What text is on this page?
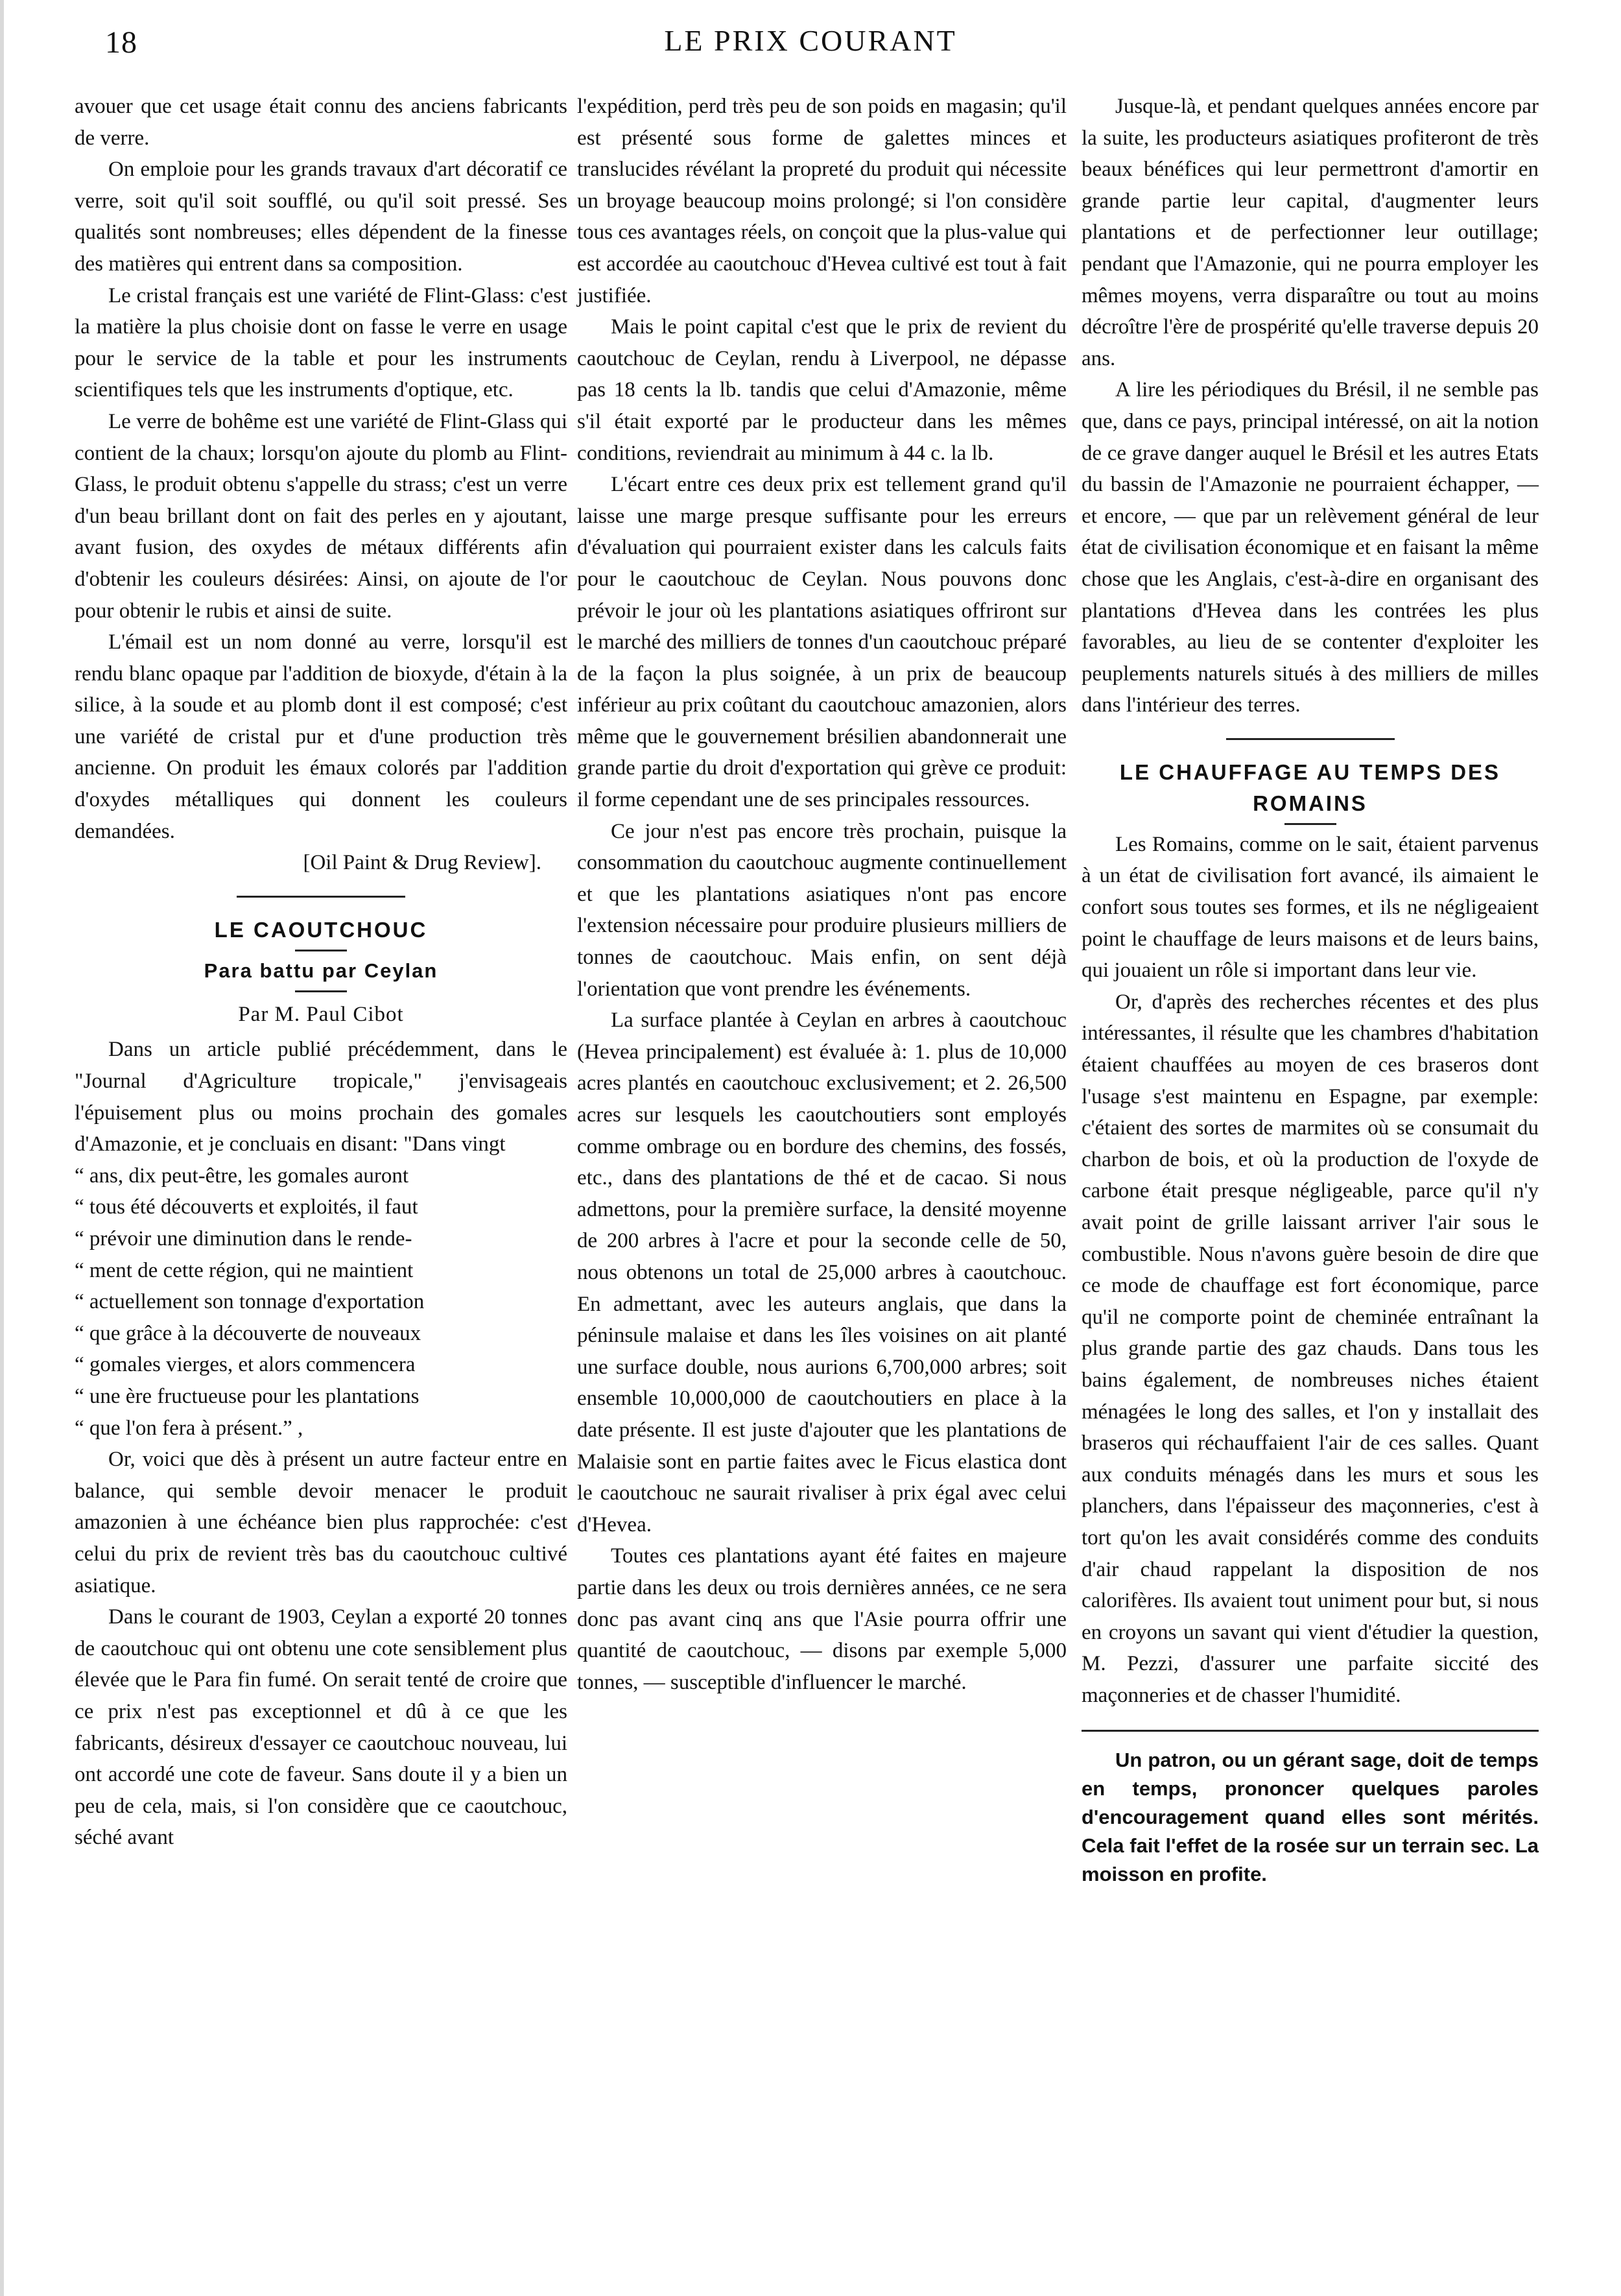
18	LE PRIX COURANT

avouer que cet usage était connu des anciens fabricants de verre.

On emploie pour les grands travaux d'art décoratif ce verre, soit qu'il soit soufflé, ou qu'il soit pressé. Ses qualités sont nombreuses; elles dépendent de la finesse des matières qui entrent dans sa composition.

Le cristal français est une variété de Flint-Glass: c'est la matière la plus choisie dont on fasse le verre en usage pour le service de la table et pour les instruments scientifiques tels que les instruments d'optique, etc.

Le verre de bohême est une variété de Flint-Glass qui contient de la chaux; lorsqu'on ajoute du plomb au Flint-Glass, le produit obtenu s'appelle du strass; c'est un verre d'un beau brillant dont on fait des perles en y ajoutant, avant fusion, des oxydes de métaux différents afin d'obtenir les couleurs désirées: Ainsi, on ajoute de l'or pour obtenir le rubis et ainsi de suite.

L'émail est un nom donné au verre, lorsqu'il est rendu blanc opaque par l'addition de bioxyde, d'étain à la silice, à la soude et au plomb dont il est composé; c'est une variété de cristal pur et d'une production très ancienne. On produit les émaux colorés par l'addition d'oxydes métalliques qui donnent les couleurs demandées.

[Oil Paint & Drug Review].

LE CAOUTCHOUC
Para battu par Ceylan
Par M. Paul Cibot

Dans un article publié précédemment, dans le "Journal d'Agriculture tropicale," j'envisageais l'épuisement plus ou moins prochain des gomales d'Amazonie, et je concluais en disant: "Dans vingt

“ ans, dix peut-être, les gomales auront

“ tous été découverts et exploités, il faut

“ prévoir une diminution dans le rende-

“ ment de cette région, qui ne maintient

“ actuellement son tonnage d'exportation

“ que grâce à la découverte de nouveaux

“ gomales vierges, et alors commencera

“ une ère fructueuse pour les plantations

“ que l'on fera à présent.” ,

Or, voici que dès à présent un autre facteur entre en balance, qui semble devoir menacer le produit amazonien à une échéance bien plus rapprochée: c'est celui du prix de revient très bas du caoutchouc cultivé asiatique.

Dans le courant de 1903, Ceylan a exporté 20 tonnes de caoutchouc qui ont obtenu une cote sensiblement plus élevée que le Para fin fumé. On serait tenté de croire que ce prix n'est pas exceptionnel et dû à ce que les fabricants, désireux d'essayer ce caoutchouc nouveau, lui ont accordé une cote de faveur. Sans doute il y a bien un peu de cela, mais, si l'on considère que ce caoutchouc, séché avant

l'expédition, perd très peu de son poids en magasin; qu'il est présenté sous forme de galettes minces et translucides révélant la propreté du produit qui nécessite un broyage beaucoup moins prolongé; si l'on considère tous ces avantages réels, on conçoit que la plus-value qui est accordée au caoutchouc d'Hevea cultivé est tout à fait justifiée.

Mais le point capital c'est que le prix de revient du caoutchouc de Ceylan, rendu à Liverpool, ne dépasse pas 18 cents la lb. tandis que celui d'Amazonie, même s'il était exporté par le producteur dans les mêmes conditions, reviendrait au minimum à 44 c. la lb.

L'écart entre ces deux prix est tellement grand qu'il laisse une marge presque suffisante pour les erreurs d'évaluation qui pourraient exister dans les calculs faits pour le caoutchouc de Ceylan. Nous pouvons donc prévoir le jour où les plantations asiatiques offriront sur le marché des milliers de tonnes d'un caoutchouc préparé de la façon la plus soignée, à un prix de beaucoup inférieur au prix coûtant du caoutchouc amazonien, alors même que le gouvernement brésilien abandonnerait une grande partie du droit d'exportation qui grève ce produit: il forme cependant une de ses principales ressources.

Ce jour n'est pas encore très prochain, puisque la consommation du caoutchouc augmente continuellement et que les plantations asiatiques n'ont pas encore l'extension nécessaire pour produire plusieurs milliers de tonnes de caoutchouc. Mais enfin, on sent déjà l'orientation que vont prendre les événements.

La surface plantée à Ceylan en arbres à caoutchouc (Hevea principalement) est évaluée à: 1. plus de 10,000 acres plantés en caoutchouc exclusivement; et 2. 26,500 acres sur lesquels les caoutchoutiers sont employés comme ombrage ou en bordure des chemins, des fossés, etc., dans des plantations de thé et de cacao. Si nous admettons, pour la première surface, la densité moyenne de 200 arbres à l'acre et pour la seconde celle de 50, nous obtenons un total de 25,000 arbres à caoutchouc. En admettant, avec les auteurs anglais, que dans la péninsule malaise et dans les îles voisines on ait planté une surface double, nous aurions 6,700,000 arbres; soit ensemble 10,000,000 de caoutchoutiers en place à la date présente. Il est juste d'ajouter que les plantations de Malaisie sont en partie faites avec le Ficus elastica dont le caoutchouc ne saurait rivaliser à prix égal avec celui d'Hevea.

Toutes ces plantations ayant été faites en majeure partie dans les deux ou trois dernières années, ce ne sera donc pas avant cinq ans que l'Asie pourra offrir une quantité de caoutchouc, — disons par exemple 5,000 tonnes, — susceptible d'influencer le marché.

Jusque-là, et pendant quelques années encore par la suite, les producteurs asiatiques profiteront de très beaux bénéfices qui leur permettront d'amortir en grande partie leur capital, d'augmenter leurs plantations et de perfectionner leur outillage; pendant que l'Amazonie, qui ne pourra employer les mêmes moyens, verra disparaître ou tout au moins décroître l'ère de prospérité qu'elle traverse depuis 20 ans.

A lire les périodiques du Brésil, il ne semble pas que, dans ce pays, principal intéressé, on ait la notion de ce grave danger auquel le Brésil et les autres Etats du bassin de l'Amazonie ne pourraient échapper, — et encore, — que par un relèvement général de leur état de civilisation économique et en faisant la même chose que les Anglais, c'est-à-dire en organisant des plantations d'Hevea dans les contrées les plus favorables, au lieu de se contenter d'exploiter les peuplements naturels situés à des milliers de milles dans l'intérieur des terres.

LE CHAUFFAGE AU TEMPS DES ROMAINS

Les Romains, comme on le sait, étaient parvenus à un état de civilisation fort avancé, ils aimaient le confort sous toutes ses formes, et ils ne négligeaient point le chauffage de leurs maisons et de leurs bains, qui jouaient un rôle si important dans leur vie.

Or, d'après des recherches récentes et des plus intéressantes, il résulte que les chambres d'habitation étaient chauffées au moyen de ces braseros dont l'usage s'est maintenu en Espagne, par exemple: c'étaient des sortes de marmites où se consumait du charbon de bois, et où la production de l'oxyde de carbone était presque négligeable, parce qu'il n'y avait point de grille laissant arriver l'air sous le combustible. Nous n'avons guère besoin de dire que ce mode de chauffage est fort économique, parce qu'il ne comporte point de cheminée entraînant la plus grande partie des gaz chauds. Dans tous les bains également, de nombreuses niches étaient ménagées le long des salles, et l'on y installait des braseros qui réchauffaient l'air de ces salles. Quant aux conduits ménagés dans les murs et sous les planchers, dans l'épaisseur des maçonneries, c'est à tort qu'on les avait considérés comme des conduits d'air chaud rappelant la disposition de nos calorifères. Ils avaient tout uniment pour but, si nous en croyons un savant qui vient d'étudier la question, M. Pezzi, d'assurer une parfaite siccité des maçonneries et de chasser l'humidité.

Un patron, ou un gérant sage, doit de temps en temps, prononcer quelques paroles d'encouragement quand elles sont mérités. Cela fait l'effet de la rosée sur un terrain sec. La moisson en profite.
